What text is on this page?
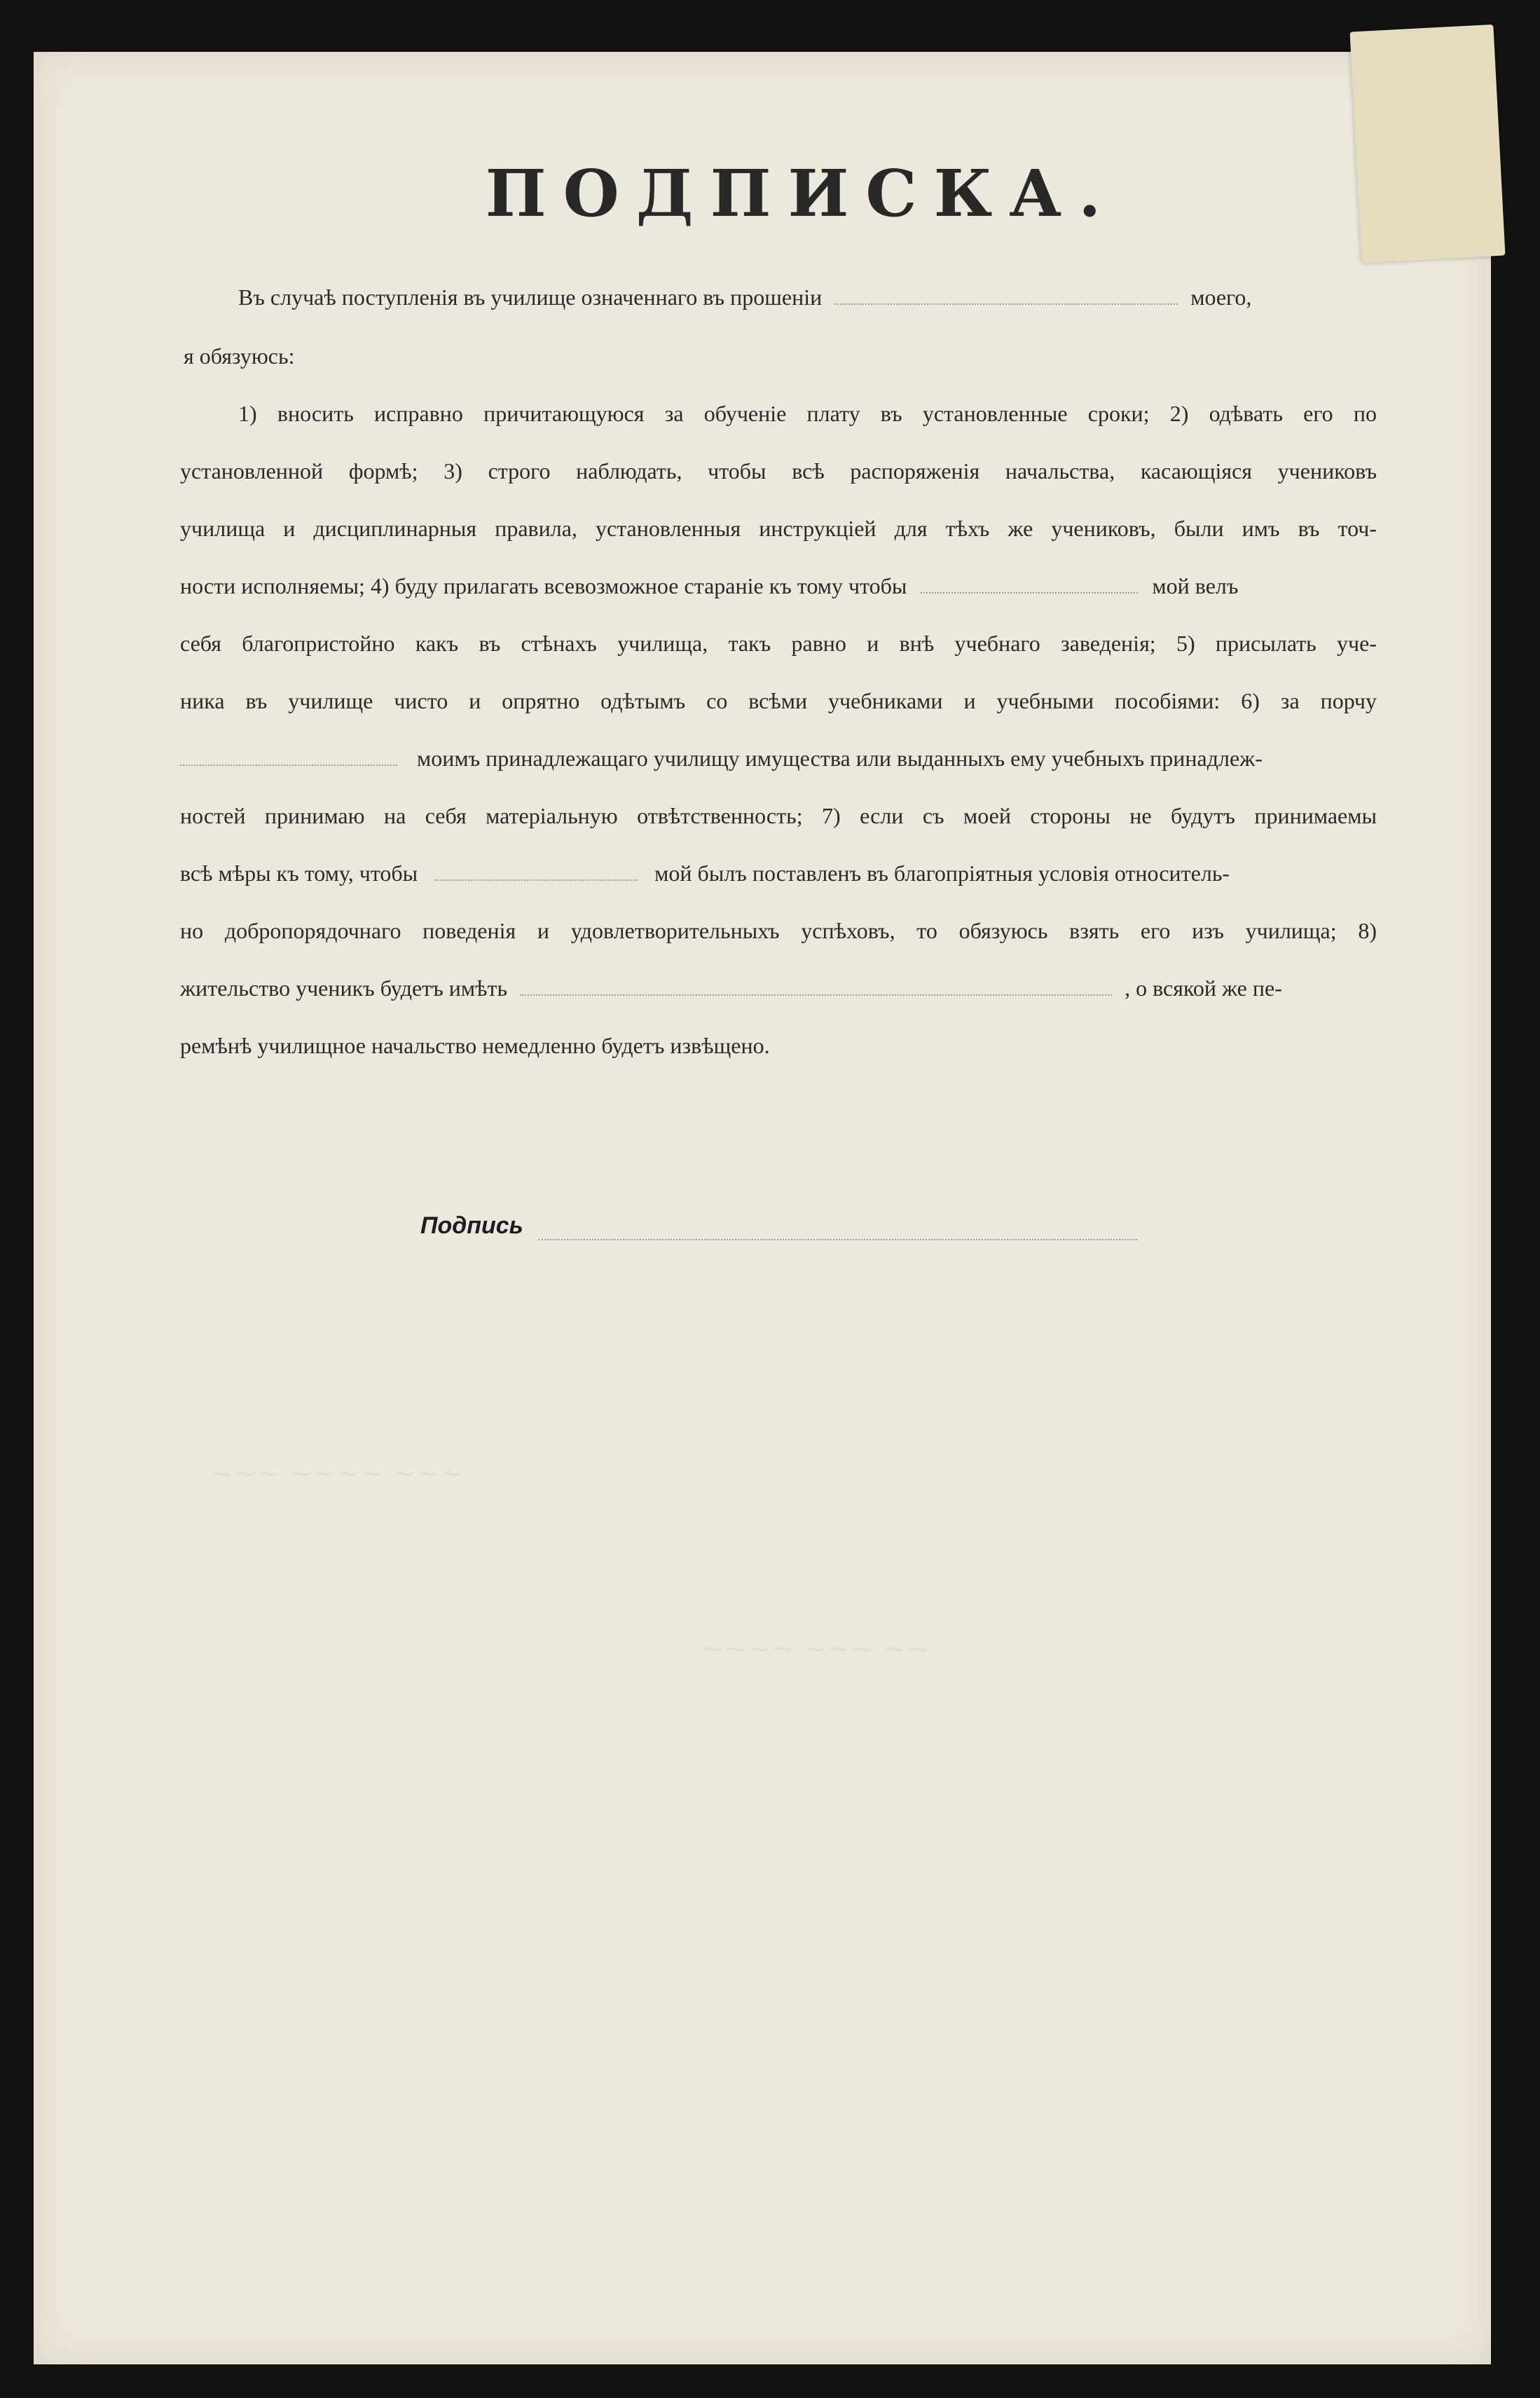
∼∼∼ ∼∼∼∼ ∼∼∼
∼∼∼∼ ∼∼∼ ∼∼
ПОДПИСКА.
Въ случаѣ поступленія въ училище означеннаго въ прошеніи	моего,
я обязуюсь:
1) вносить исправно причитающуюся за обученіе плату въ установленные сроки; 2) одѣвать его по
установленной формѣ; 3) строго наблюдать, чтобы всѣ распоряженія начальства, касающіяся учениковъ
училища и дисциплинарныя правила, установленныя инструкціей для тѣхъ же учениковъ, были имъ въ точ-
ности исполняемы; 4) буду прилагать всевозможное стараніе къ тому чтобы	мой велъ
себя благопристойно какъ въ стѣнахъ училища, такъ равно и внѣ учебнаго заведенія; 5) присылать уче-
ника въ училище чисто и опрятно одѣтымъ со всѣми учебниками и учебными пособіями: 6) за порчу
моимъ принадлежащаго училищу имущества или выданныхъ ему учебныхъ принадлеж-
ностей принимаю на себя матеріальную отвѣтственность; 7) если съ моей стороны не будутъ принимаемы
всѣ мѣры къ тому, чтобы	мой былъ поставленъ въ благопріятныя условія относитель-
но добропорядочнаго поведенія и удовлетворительныхъ успѣховъ, то обязуюсь взять его изъ училища; 8)
жительство ученикъ будетъ имѣть	, о всякой же пе-
ремѣнѣ училищное начальство немедленно будетъ извѣщено.
Подпись
